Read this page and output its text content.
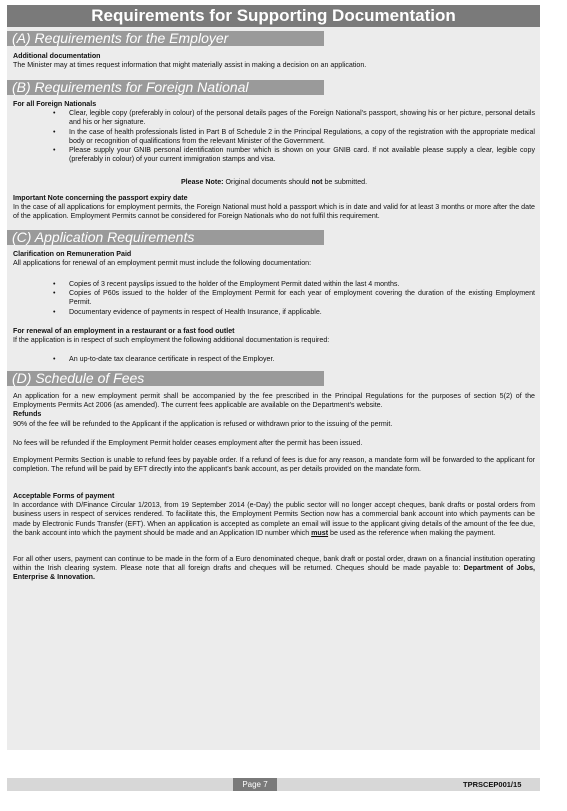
Requirements for Supporting Documentation
(A) Requirements for the Employer

Additional documentation

The Minister may at times request information that might materially assist in making a decision on an application.

(B) Requirements for Foreign National

For all Foreign Nationals

• Clear, legible copy (preferably in colour) of the personal details pages of the Foreign National’s passport, showing his or her picture, personal details and his or her signature.

• In the case of health professionals listed in Part B of Schedule 2 in the Principal Regulations, a copy of the registration with the appropriate medical body or recognition of qualifications from the relevant Minister of the Government.

• Please supply your GNIB personal identification number which is shown on your GNIB card. If not available please supply a clear, legible copy (preferably in colour) of your current immigration stamps and visa.

Please Note: Original documents should not be submitted.

Important Note concerning the passport expiry date

In the case of all applications for employment permits, the Foreign National must hold a passport which is in date and valid for at least 3 months or more after the date of the application. Employment Permits cannot be considered for Foreign Nationals who do not fulfil this requirement.

(C) Application Requirements

Clarification on Remuneration Paid

All applications for renewal of an employment permit must include the following documentation:

• Copies of 3 recent payslips issued to the holder of the Employment Permit dated within the last 4 months.

• Copies of P60s issued to the holder of the Employment Permit for each year of employment covering the duration of the existing Employment Permit.

• Documentary evidence of payments in respect of Health Insurance, if applicable.

For renewal of an employment in a restaurant or a fast food outlet

If the application is in respect of such employment the following additional documentation is required:

• An up-to-date tax clearance certificate in respect of the Employer.

(D) Schedule of Fees

An application for a new employment permit shall be accompanied by the fee prescribed in the Principal Regulations for the purposes of section 5(2) of the Employments Permits Act 2006 (as amended). The current fees applicable are available on the Department’s website.

Refunds

90% of the fee will be refunded to the Applicant if the application is refused or withdrawn prior to the issuing of the permit.

No fees will be refunded if the Employment Permit holder ceases employment after the permit has been issued.
Employment Permits Section is unable to refund fees by payable order. If a refund of fees is due for any reason, a mandate form will be forwarded to the applicant for completion. The refund will be paid by EFT directly into the applicant's bank account, as per details provided on the mandate form.

Acceptable Forms of payment

In accordance with D/Finance Circular 1/2013, from 19 September 2014 (e-Day) the public sector will no longer accept cheques, bank drafts or postal orders from business users in respect of services rendered. To facilitate this, the Employment Permits Section now has a commercial bank account into which payments can be made by Electronic Funds Transfer (EFT). When an application is accepted as complete an email will issue to the applicant giving details of the amount of the fee due, the bank account into which the payment should be made and an Application ID number which must be used as the reference when making the payment.

For all other users, payment can continue to be made in the form of a Euro denominated cheque, bank draft or postal order, drawn on a financial institution operating within the Irish clearing system. Please note that all foreign drafts and cheques will be returned. Cheques should be made payable to: Department of Jobs, Enterprise & Innovation.
Page 7	TPRSCEP001/15
